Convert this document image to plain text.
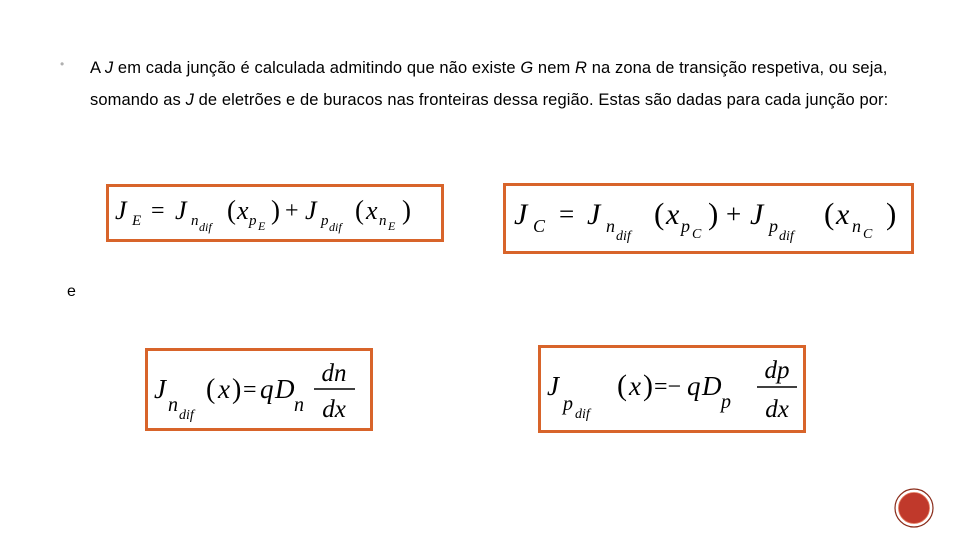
• A J em cada junção é calculada admitindo que não existe G nem R na zona de transição respetiva, ou seja, somando as J de eletrões e de buracos nas fronteiras dessa região. Estas são dadas para cada junção por:
J E = J n dif
( x p E
) + J p dif
( x n E
)	J C = J n
dif
( x p C
) + J p
dif
( x n C
)
e
J
n dif
( x ) = q D
n
dn
dx
J
p dif
( x ) =− q D
p
dp
dx
